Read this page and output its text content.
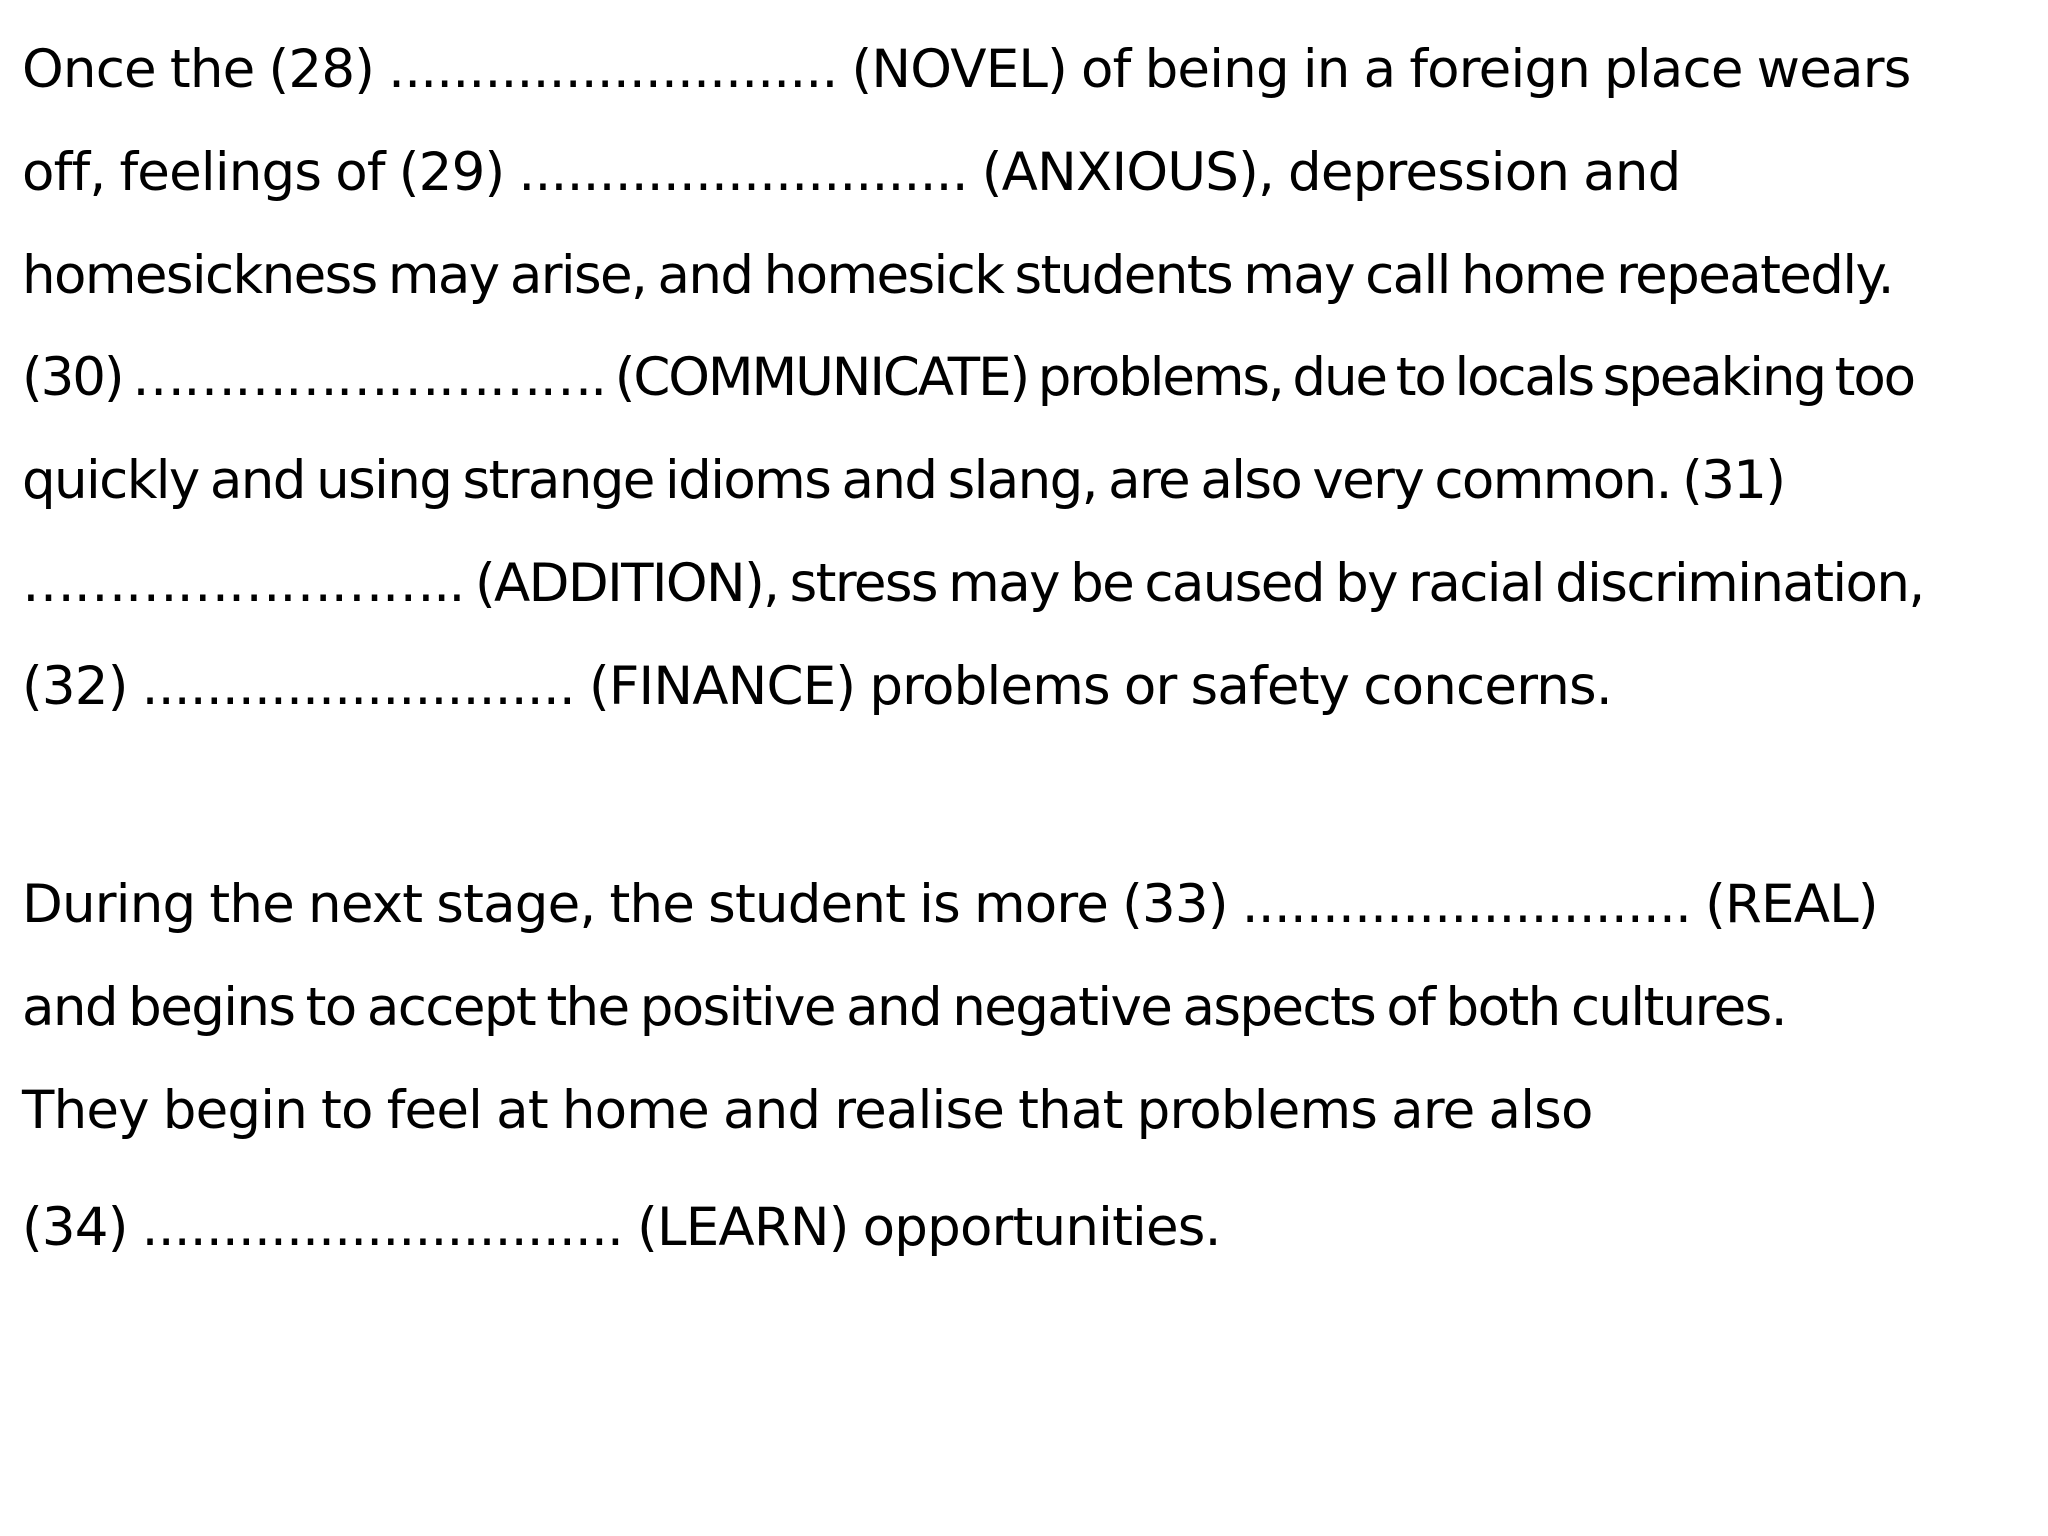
Once the (28) ............................ (NOVEL) of being in a foreign place wears
off, feelings of (29) ............................ (ANXIOUS), depression and
homesickness may arise, and homesick students may call home repeatedly.
(30) ………………………. (COMMUNICATE) problems, due to locals speaking too
quickly and using strange idioms and slang, are also very common. (31)
…………………….. (ADDITION), stress may be caused by racial discrimination,
(32) ........................... (FINANCE) problems or safety concerns.
During the next stage, the student is more (33) ............................ (REAL)
and begins to accept the positive and negative aspects of both cultures.
They begin to feel at home and realise that problems are also
(34) .............................. (LEARN) opportunities.
